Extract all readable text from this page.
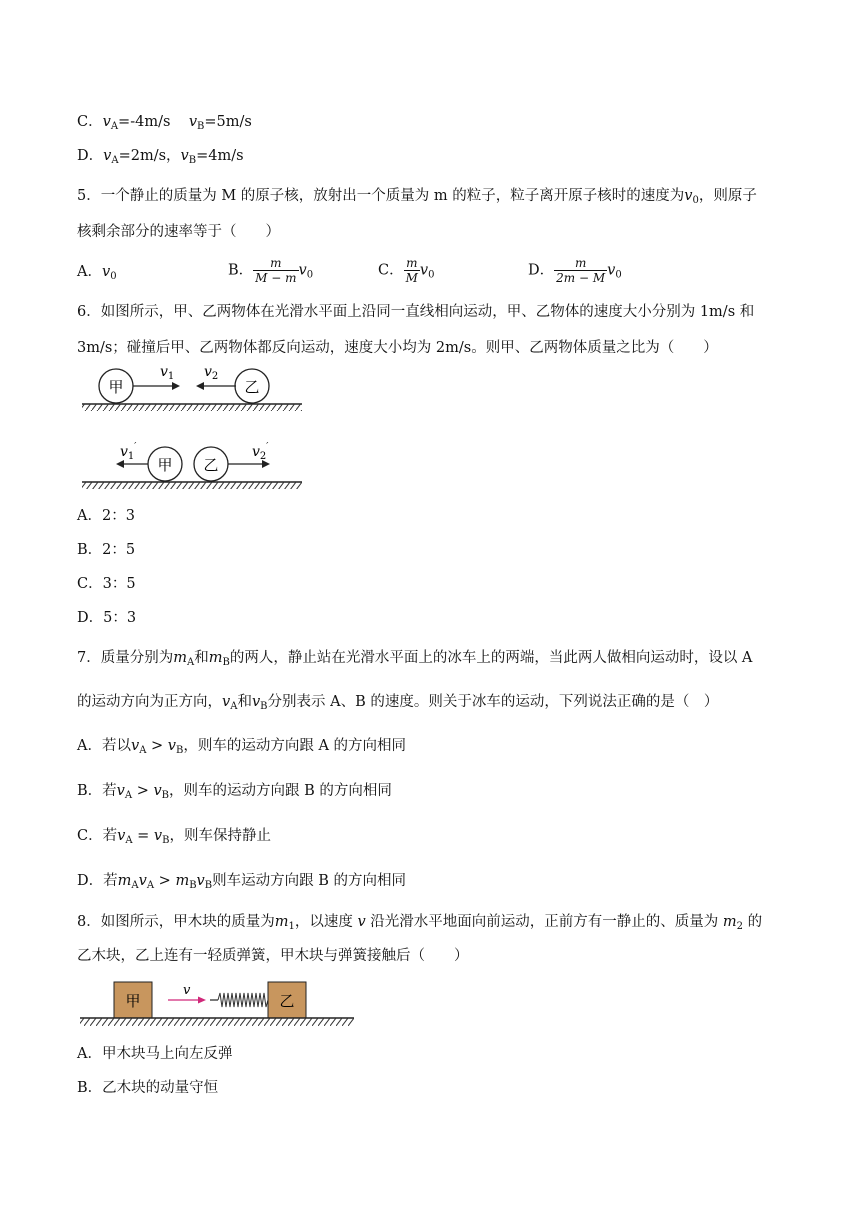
C．$v_A=-4m/s$ $v_B=5m/s$
D．$v_A=2m/s$，$v_B=4m/s$
5．一个静止的质量为 M 的原子核，放射出一个质量为 m 的粒子，粒子离开原子核时的速度为$v_0$，则原子
核剩余部分的速率等于（　　）
A．$v_0$	B． $\frac{m}{M - m} v_0$	C． $\frac{m}{M} v_0$	D． $\frac{m}{2m - M} v_0$
6．如图所示，甲、乙两物体在光滑水平面上沿同一直线相向运动，甲、乙物体的速度大小分别为 1m/s 和
3m/s；碰撞后甲、乙两物体都反向运动，速度大小均为 2m/s。则甲、乙两物体质量之比为（　　）
甲
$v_1$ $v_2$
乙
$v_1'$
甲 乙
$v_2'$
A．2：3
B．2：5
C．3：5
D．5：3
7．质量分别为$m_A$和$m_B$的两人，静止站在光滑水平面上的冰车上的两端，当此两人做相向运动时，设以 A
的运动方向为正方向，$v_A$和$v_B$分别表示 A、B 的速度。则关于冰车的运动，下列说法正确的是（　）
A．若以$v_A > v_B$，则车的运动方向跟 A 的方向相同
B．若$v_A > v_B$，则车的运动方向跟 B 的方向相同
C．若$v_A = v_B$，则车保持静止
D．若$m_Av_A > m_Bv_B$则车运动方向跟 B 的方向相同
8．如图所示，甲木块的质量为$m_1$，以速度 v 沿光滑水平地面向前运动，正前方有一静止的、质量为 $m_2$ 的
乙木块，乙上连有一轻质弹簧，甲木块与弹簧接触后（　　）
甲
v
乙
A．甲木块马上向左反弹
B．乙木块的动量守恒
